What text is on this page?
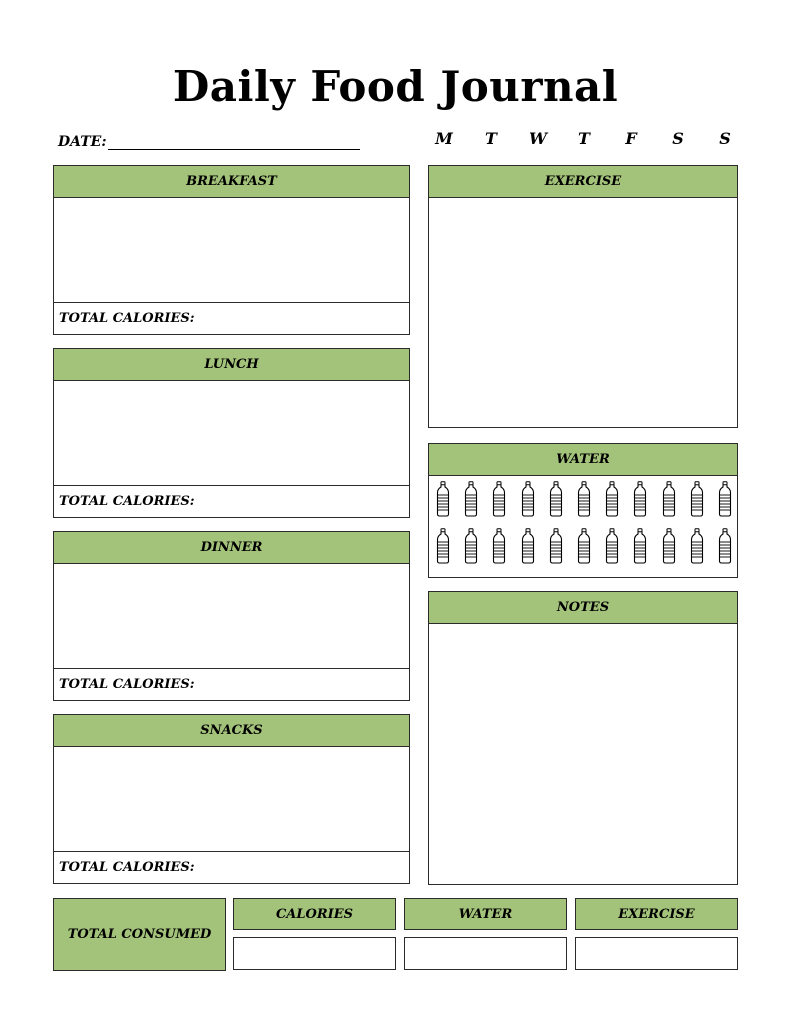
Daily Food Journal
DATE:	M	T	W	T	F	S	S
BREAKFAST
TOTAL CALORIES:
LUNCH
TOTAL CALORIES:
DINNER
TOTAL CALORIES:
SNACKS
TOTAL CALORIES:
EXERCISE
WATER
NOTES
TOTAL CONSUMED
CALORIES	WATER	EXERCISE
